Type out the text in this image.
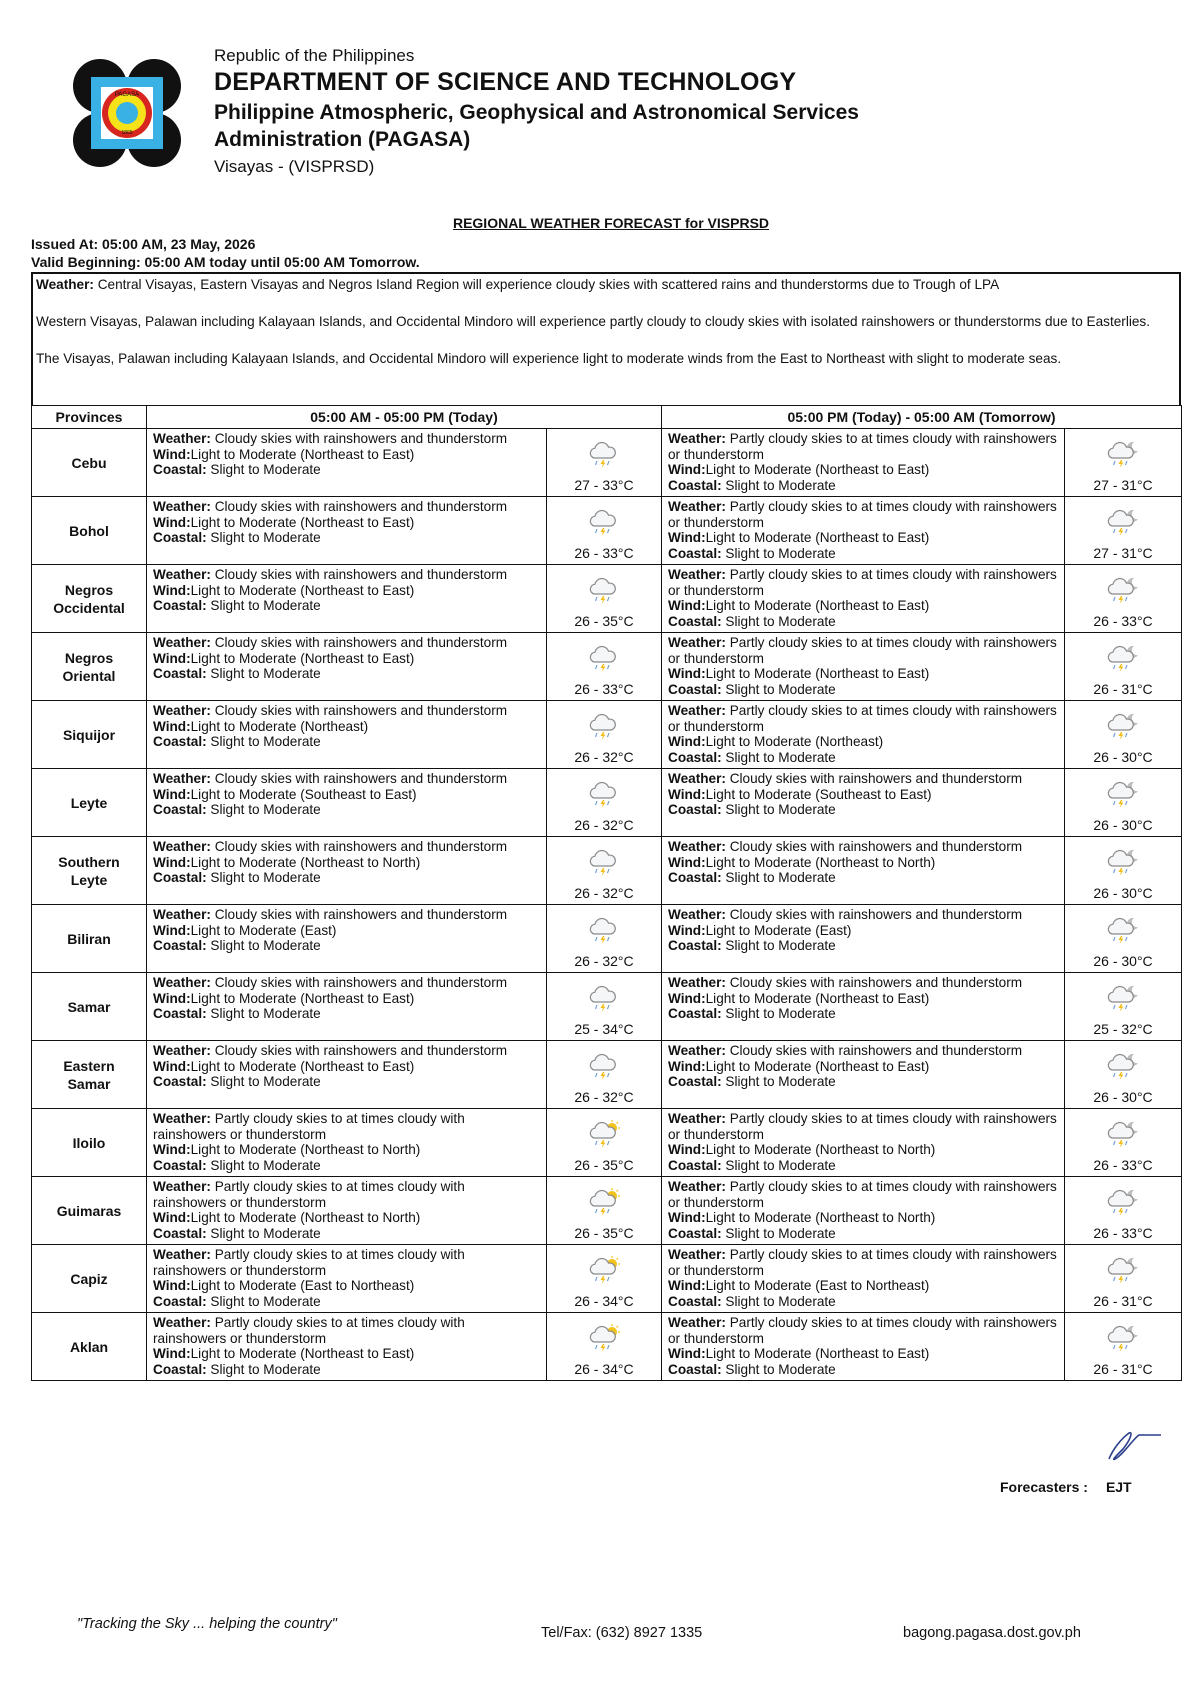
PAGASA
1865
Republic of the Philippines
DEPARTMENT OF SCIENCE AND TECHNOLOGY
Philippine Atmospheric, Geophysical and Astronomical Services
Administration (PAGASA)
Visayas - (VISPRSD)
REGIONAL WEATHER FORECAST for VISPRSD
Issued At: 05:00 AM, 23 May, 2026
Valid Beginning: 05:00 AM today until 05:00 AM Tomorrow.

Weather: Central Visayas, Eastern Visayas and Negros Island Region will experience cloudy skies with scattered rains and thunderstorms due to Trough of LPA

Western Visayas, Palawan including Kalayaan Islands, and Occidental Mindoro will experience partly cloudy to cloudy skies with isolated rainshowers or thunderstorms due to Easterlies.

The Visayas, Palawan including Kalayaan Islands, and Occidental Mindoro will experience light to moderate winds from the East to Northeast with slight to moderate seas.

Provinces	05:00 AM - 05:00 PM (Today)		05:00 PM (Today) - 05:00 AM (Tomorrow)	
Cebu	Weather: Cloudy skies with rainshowers and thunderstorm
Wind:Light to Moderate (Northeast to East)
Coastal: Slight to Moderate	27 - 33°C	Weather: Partly cloudy skies to at times cloudy with rainshowers or thunderstorm
Wind:Light to Moderate (Northeast to East)
Coastal: Slight to Moderate	27 - 31°C

Bohol	Weather: Cloudy skies with rainshowers and thunderstorm
Wind:Light to Moderate (Northeast to East)
Coastal: Slight to Moderate	26 - 33°C	Weather: Partly cloudy skies to at times cloudy with rainshowers or thunderstorm
Wind:Light to Moderate (Northeast to East)
Coastal: Slight to Moderate	27 - 31°C

Negros
Occidental	Weather: Cloudy skies with rainshowers and thunderstorm
Wind:Light to Moderate (Northeast to East)
Coastal: Slight to Moderate	26 - 35°C	Weather: Partly cloudy skies to at times cloudy with rainshowers or thunderstorm
Wind:Light to Moderate (Northeast to East)
Coastal: Slight to Moderate	26 - 33°C

Negros
Oriental	Weather: Cloudy skies with rainshowers and thunderstorm
Wind:Light to Moderate (Northeast to East)
Coastal: Slight to Moderate	26 - 33°C	Weather: Partly cloudy skies to at times cloudy with rainshowers or thunderstorm
Wind:Light to Moderate (Northeast to East)
Coastal: Slight to Moderate	26 - 31°C

Siquijor	Weather: Cloudy skies with rainshowers and thunderstorm
Wind:Light to Moderate (Northeast)
Coastal: Slight to Moderate	26 - 32°C	Weather: Partly cloudy skies to at times cloudy with rainshowers or thunderstorm
Wind:Light to Moderate (Northeast)
Coastal: Slight to Moderate	26 - 30°C

Leyte	Weather: Cloudy skies with rainshowers and thunderstorm
Wind:Light to Moderate (Southeast to East)
Coastal: Slight to Moderate	26 - 32°C	Weather: Cloudy skies with rainshowers and thunderstorm
Wind:Light to Moderate (Southeast to East)
Coastal: Slight to Moderate	26 - 30°C

Southern
Leyte	Weather: Cloudy skies with rainshowers and thunderstorm
Wind:Light to Moderate (Northeast to North)
Coastal: Slight to Moderate	26 - 32°C	Weather: Cloudy skies with rainshowers and thunderstorm
Wind:Light to Moderate (Northeast to North)
Coastal: Slight to Moderate	26 - 30°C

Biliran	Weather: Cloudy skies with rainshowers and thunderstorm
Wind:Light to Moderate (East)
Coastal: Slight to Moderate	26 - 32°C	Weather: Cloudy skies with rainshowers and thunderstorm
Wind:Light to Moderate (East)
Coastal: Slight to Moderate	26 - 30°C

Samar	Weather: Cloudy skies with rainshowers and thunderstorm
Wind:Light to Moderate (Northeast to East)
Coastal: Slight to Moderate	25 - 34°C	Weather: Cloudy skies with rainshowers and thunderstorm
Wind:Light to Moderate (Northeast to East)
Coastal: Slight to Moderate	25 - 32°C

Eastern
Samar	Weather: Cloudy skies with rainshowers and thunderstorm
Wind:Light to Moderate (Northeast to East)
Coastal: Slight to Moderate	26 - 32°C	Weather: Cloudy skies with rainshowers and thunderstorm
Wind:Light to Moderate (Northeast to East)
Coastal: Slight to Moderate	26 - 30°C

Iloilo	Weather: Partly cloudy skies to at times cloudy with rainshowers or thunderstorm
Wind:Light to Moderate (Northeast to North)
Coastal: Slight to Moderate	26 - 35°C	Weather: Partly cloudy skies to at times cloudy with rainshowers or thunderstorm
Wind:Light to Moderate (Northeast to North)
Coastal: Slight to Moderate	26 - 33°C

Guimaras	Weather: Partly cloudy skies to at times cloudy with rainshowers or thunderstorm
Wind:Light to Moderate (Northeast to North)
Coastal: Slight to Moderate	26 - 35°C	Weather: Partly cloudy skies to at times cloudy with rainshowers or thunderstorm
Wind:Light to Moderate (Northeast to North)
Coastal: Slight to Moderate	26 - 33°C

Capiz	Weather: Partly cloudy skies to at times cloudy with rainshowers or thunderstorm
Wind:Light to Moderate (East to Northeast)
Coastal: Slight to Moderate	26 - 34°C	Weather: Partly cloudy skies to at times cloudy with rainshowers or thunderstorm
Wind:Light to Moderate (East to Northeast)
Coastal: Slight to Moderate	26 - 31°C

Aklan	Weather: Partly cloudy skies to at times cloudy with rainshowers or thunderstorm
Wind:Light to Moderate (Northeast to East)
Coastal: Slight to Moderate	26 - 34°C	Weather: Partly cloudy skies to at times cloudy with rainshowers or thunderstorm
Wind:Light to Moderate (Northeast to East)
Coastal: Slight to Moderate	26 - 31°C
Forecasters : EJT
"Tracking the Sky ... helping the country"
Tel/Fax: (632) 8927 1335	bagong.pagasa.dost.gov.ph
